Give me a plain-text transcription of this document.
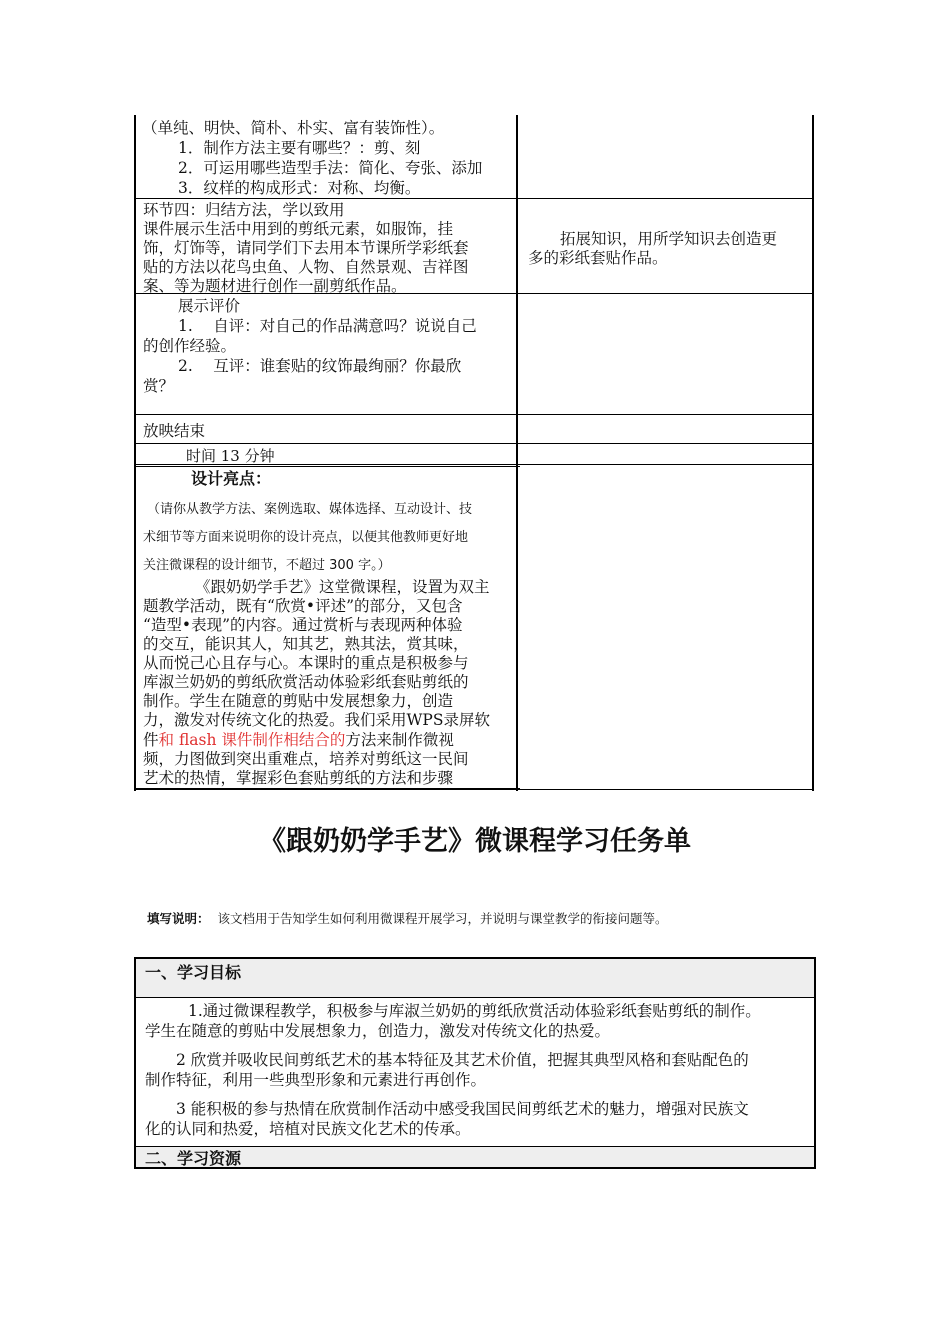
（单纯、明快、简朴、朴实、富有装饰性）。
1．制作方法主要有哪些？：剪、刻
2．可运用哪些造型手法：简化、夸张、添加
3．纹样的构成形式：对称、均衡。
环节四：归结方法，学以致用
课件展示生活中用到的剪纸元素，如服饰，挂
饰，灯饰等，请同学们下去用本节课所学彩纸套
贴的方法以花鸟虫鱼、人物、自然景观、吉祥图
案、等为题材进行创作一副剪纸作品。
拓展知识，用所学知识去创造更
多的彩纸套贴作品。
展示评价
1.　 自评：对自己的作品满意吗？说说自己
的创作经验。
2.　 互评：谁套贴的纹饰最绚丽？你最欣
赏？
放映结束
时间 13 分钟
设计亮点：
（请你从教学方法、案例选取、媒体选择、互动设计、技
术细节等方面来说明你的设计亮点，以便其他教师更好地
关注微课程的设计细节，不超过 300 字。）
《跟奶奶学手艺》这堂微课程，设置为双主
题教学活动，既有“欣赏•评述”的部分，又包含
“造型•表现”的内容。通过赏析与表现两种体验
的交互，能识其人，知其艺，熟其法，赏其味，
从而悦己心且存与心。本课时的重点是积极参与
库淑兰奶奶的剪纸欣赏活动体验彩纸套贴剪纸的
制作。学生在随意的剪贴中发展想象力，创造
力，激发对传统文化的热爱。我们采用WPS录屏软
件和 flash 课件制作相结合的方法来制作微视
频，力图做到突出重难点，培养对剪纸这一民间
艺术的热情，掌握彩色套贴剪纸的方法和步骤
《跟奶奶学手艺》微课程学习任务单
填写说明： 该文档用于告知学生如何利用微课程开展学习，并说明与课堂教学的衔接问题等。
一、学习目标
1.通过微课程教学，积极参与库淑兰奶奶的剪纸欣赏活动体验彩纸套贴剪纸的制作。
学生在随意的剪贴中发展想象力，创造力，激发对传统文化的热爱。
2 欣赏并吸收民间剪纸艺术的基本特征及其艺术价值，把握其典型风格和套贴配色的
制作特征，利用一些典型形象和元素进行再创作。
3 能积极的参与热情在欣赏制作活动中感受我国民间剪纸艺术的魅力，增强对民族文
化的认同和热爱，培植对民族文化艺术的传承。
二、学习资源
